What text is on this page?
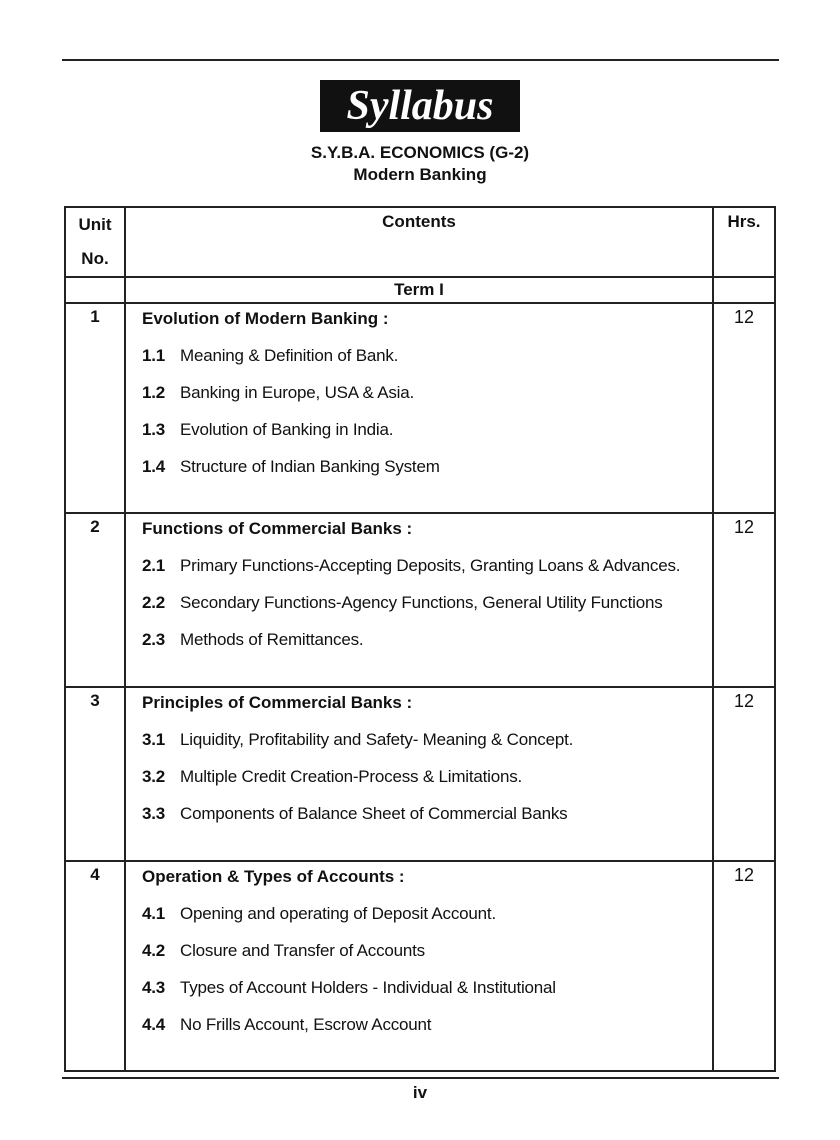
Syllabus
S.Y.B.A. ECONOMICS (G-2)
Modern Banking
Unit
No.	Contents	Hrs.
	Term I	
1	Evolution of Modern Banking :
1.1 Meaning & Definition of Bank.
1.2 Banking in Europe, USA & Asia.
1.3 Evolution of Banking in India.
1.4 Structure of Indian Banking System	12
2	Functions of Commercial Banks :
2.1 Primary Functions-Accepting Deposits, Granting Loans & Advances.
2.2 Secondary Functions-Agency Functions, General Utility Functions
2.3 Methods of Remittances.	12
3	Principles of Commercial Banks :
3.1 Liquidity, Profitability and Safety- Meaning & Concept.
3.2 Multiple Credit Creation-Process & Limitations.
3.3 Components of Balance Sheet of Commercial Banks	12
4	Operation & Types of Accounts :
4.1 Opening and operating of Deposit Account.
4.2 Closure and Transfer of Accounts
4.3 Types of Account Holders - Individual & Institutional
4.4 No Frills Account, Escrow Account	12
iv
